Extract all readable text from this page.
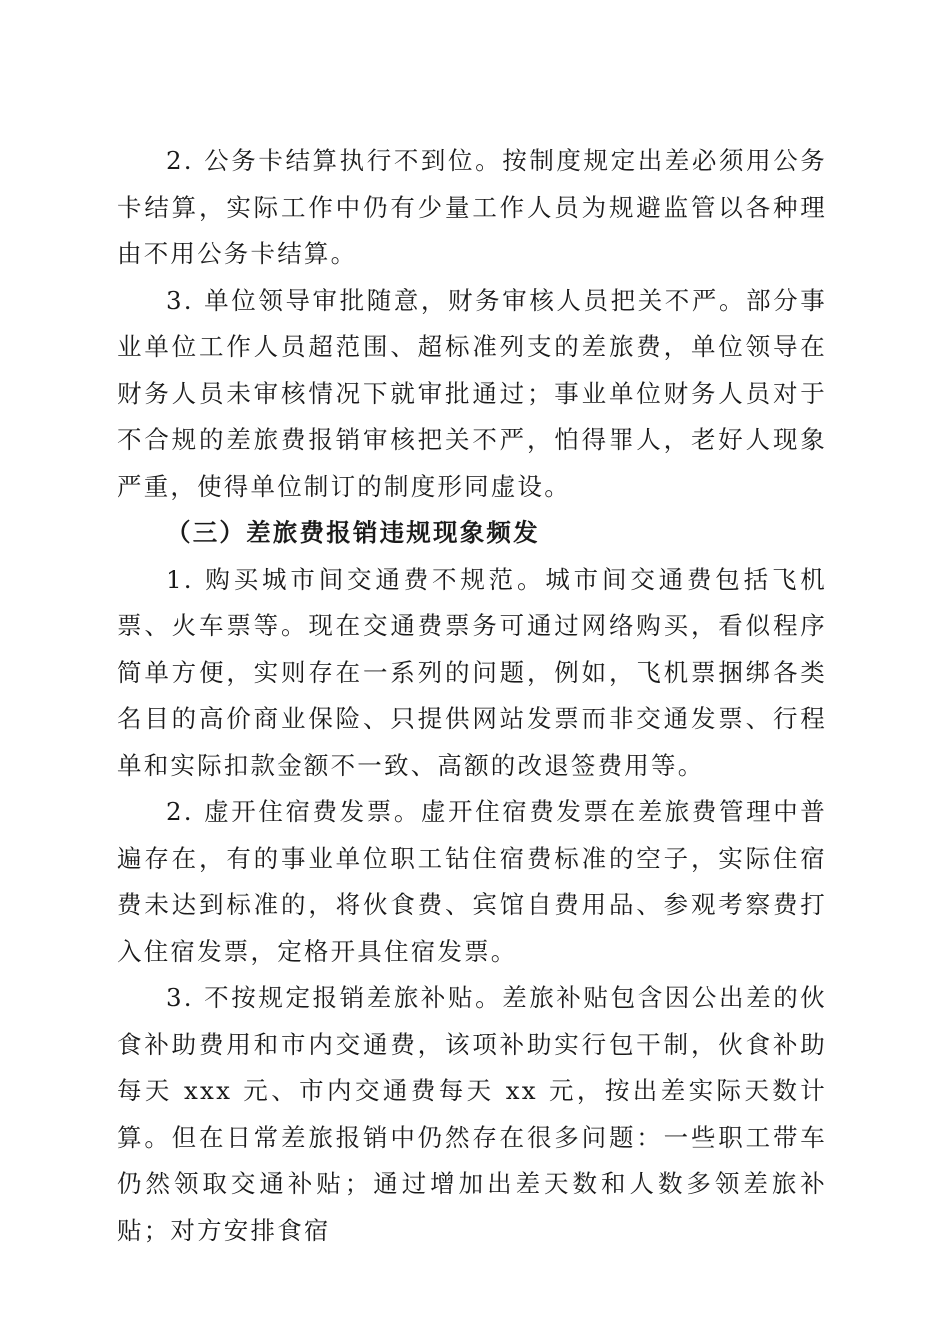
2. 公务卡结算执行不到位。按制度规定出差必须用公务卡结算，实际工作中仍有少量工作人员为规避监管以各种理由不用公务卡结算。

3. 单位领导审批随意，财务审核人员把关不严。部分事业单位工作人员超范围、超标准列支的差旅费，单位领导在财务人员未审核情况下就审批通过；事业单位财务人员对于不合规的差旅费报销审核把关不严，怕得罪人，老好人现象严重，使得单位制订的制度形同虚设。

（三）差旅费报销违规现象频发

1. 购买城市间交通费不规范。城市间交通费包括飞机票、火车票等。现在交通费票务可通过网络购买，看似程序简单方便，实则存在一系列的问题，例如，飞机票捆绑各类名目的高价商业保险、只提供网站发票而非交通发票、行程单和实际扣款金额不一致、高额的改退签费用等。

2. 虚开住宿费发票。虚开住宿费发票在差旅费管理中普遍存在，有的事业单位职工钻住宿费标准的空子，实际住宿费未达到标准的，将伙食费、宾馆自费用品、参观考察费打入住宿发票，定格开具住宿发票。

3. 不按规定报销差旅补贴。差旅补贴包含因公出差的伙食补助费用和市内交通费，该项补助实行包干制，伙食补助每天 xxx 元、市内交通费每天 xx 元，按出差实际天数计算。但在日常差旅报销中仍然存在很多问题：一些职工带车仍然领取交通补贴；通过增加出差天数和人数多领差旅补贴；对方安排食宿
